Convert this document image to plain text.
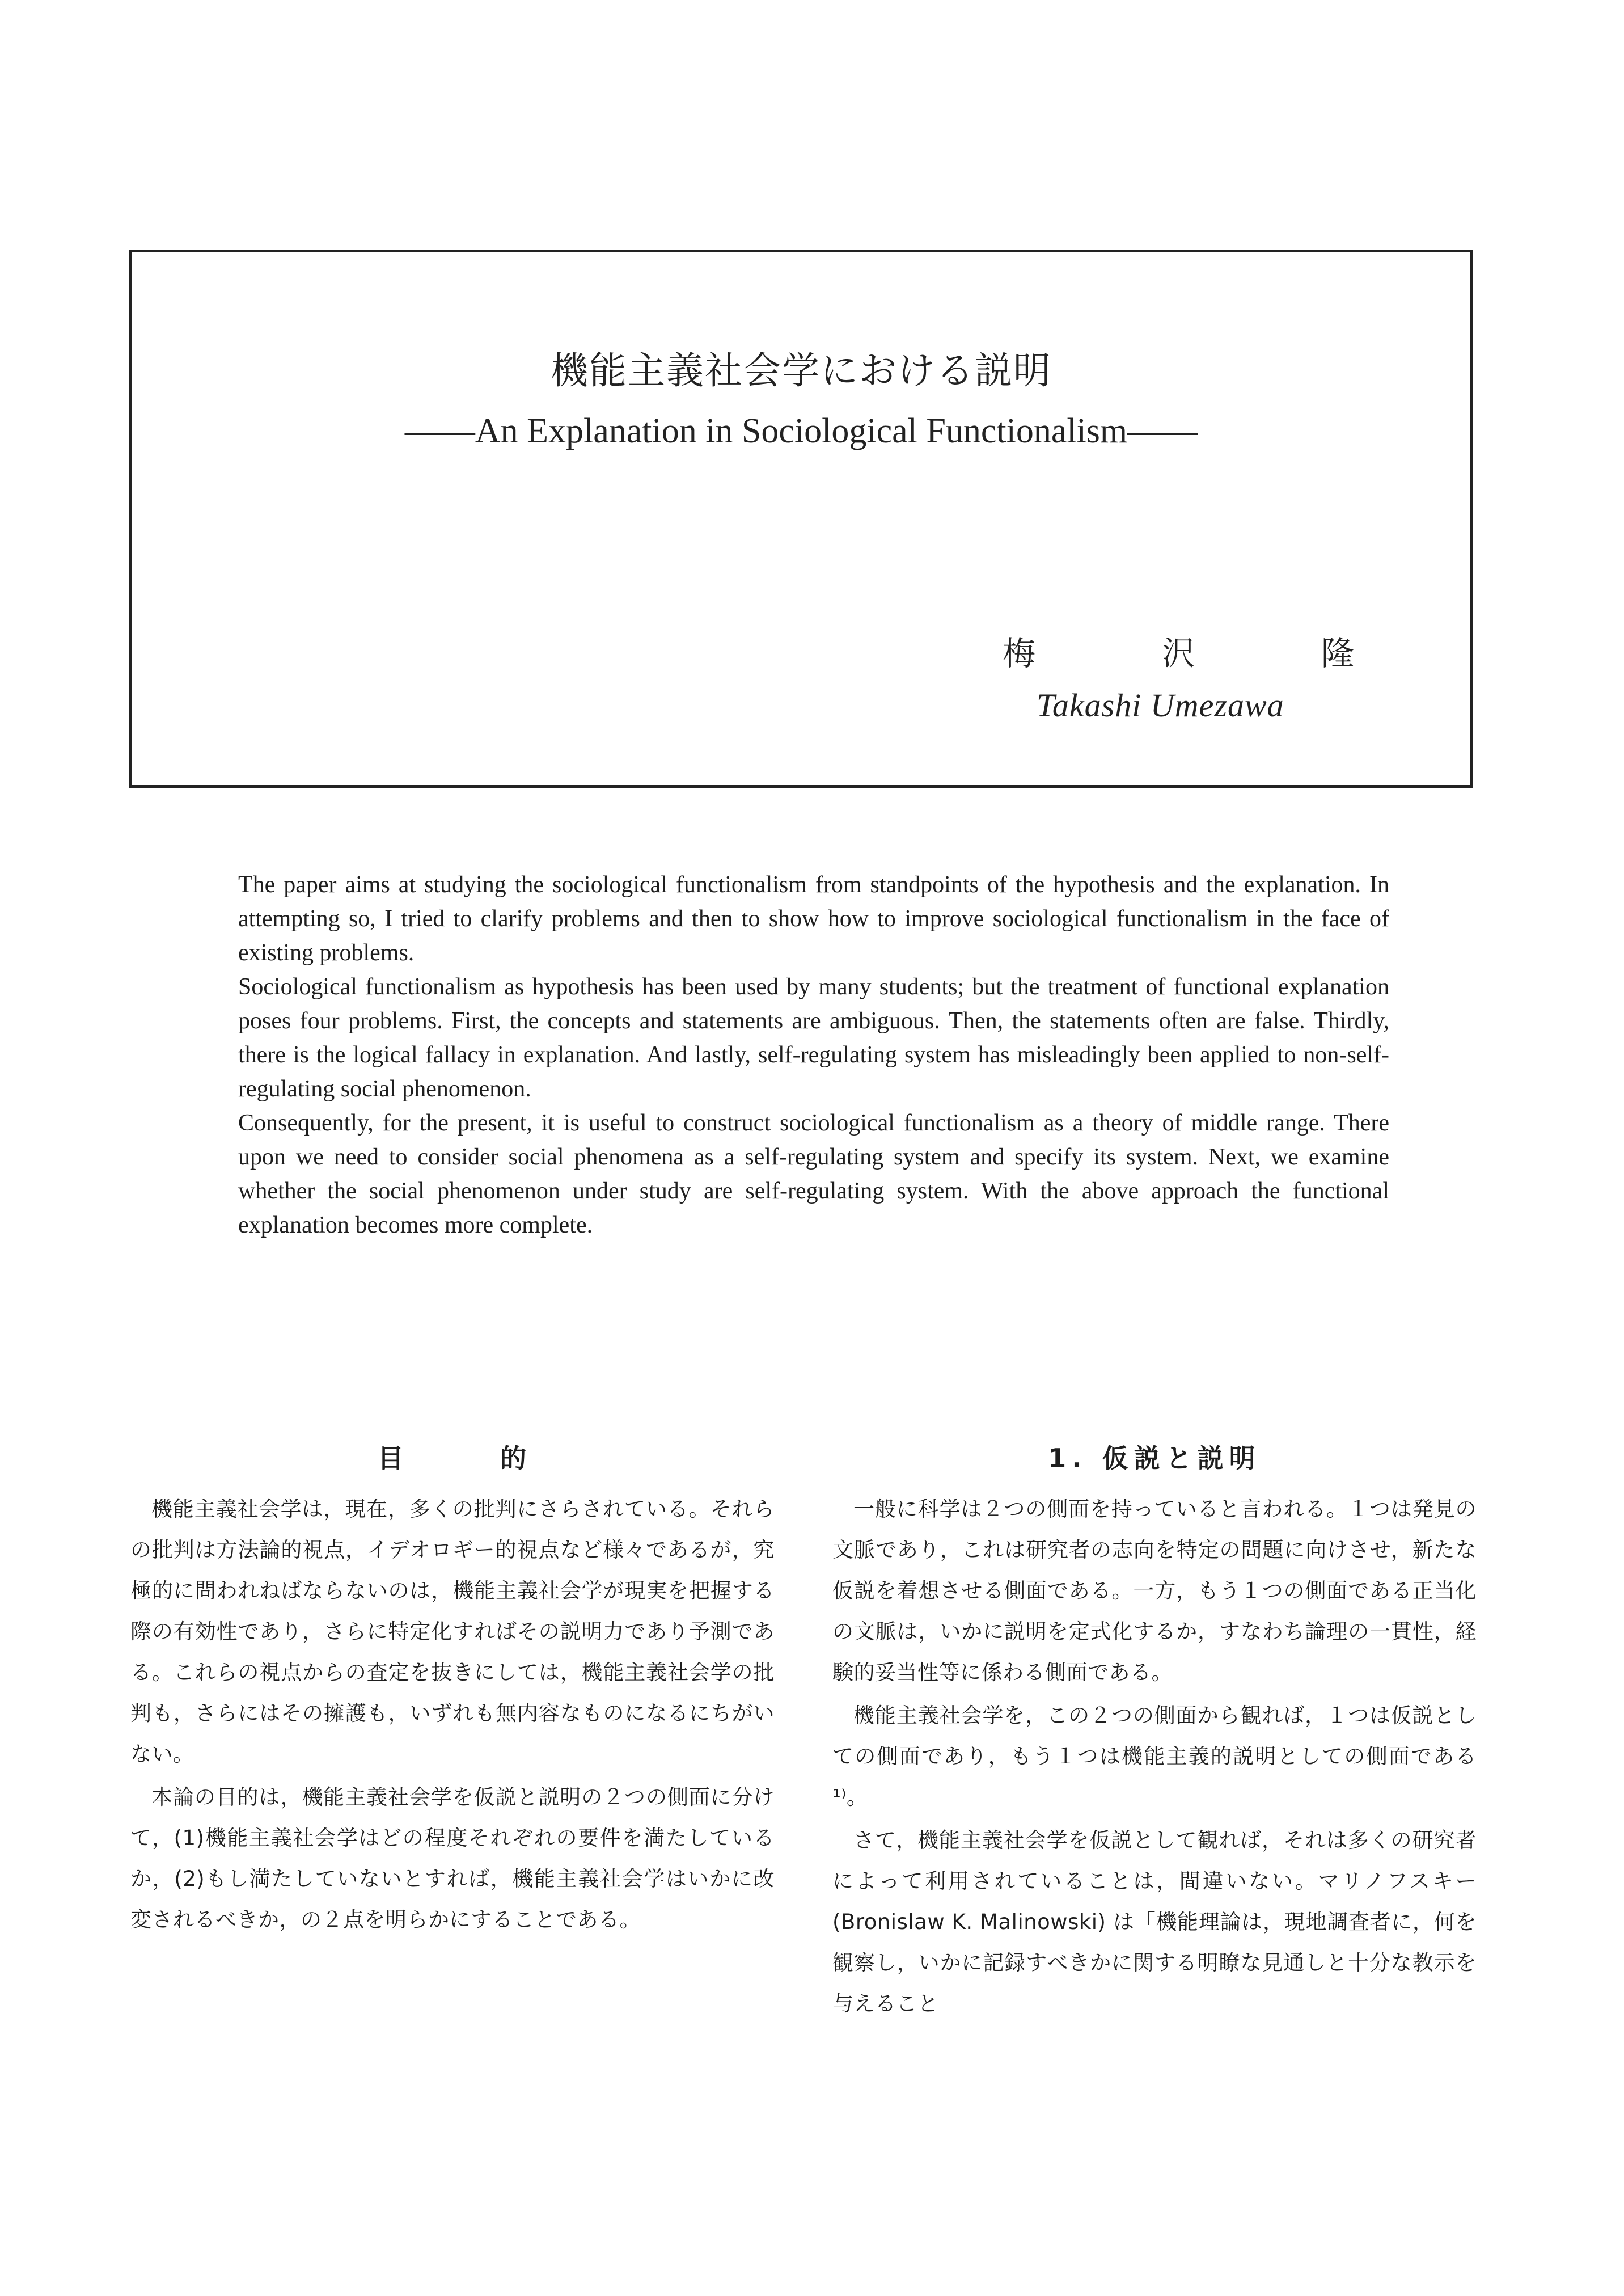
機能主義社会学における説明
——An Explanation in Sociological Functionalism——
梅	沢	隆
Takashi Umezawa

The paper aims at studying the sociological functionalism from standpoints of the hypothesis and the explanation. In attempting so, I tried to clarify problems and then to show how to improve sociological functionalism in the face of existing problems.

Sociological functionalism as hypothesis has been used by many students; but the treatment of functional explanation poses four problems. First, the concepts and statements are ambiguous. Then, the statements often are false. Thirdly, there is the logical fallacy in explanation. And lastly, self-regulating system has misleadingly been applied to non-self-regulating social phenomenon.

Consequently, for the present, it is useful to construct sociological functionalism as a theory of middle range. There upon we need to consider social phenomena as a self-regulating system and specify its system. Next, we examine whether the social phenomenon under study are self-regulating system. With the above approach the functional explanation becomes more complete.

目 的

機能主義社会学は，現在，多くの批判にさらされている。それらの批判は方法論的視点，イデオロギー的視点など様々であるが，究極的に問われねばならないのは，機能主義社会学が現実を把握する際の有効性であり，さらに特定化すればその説明力であり予測である。これらの視点からの査定を抜きにしては，機能主義社会学の批判も，さらにはその擁護も，いずれも無内容なものになるにちがいない。

本論の目的は，機能主義社会学を仮説と説明の２つの側面に分けて，(1)機能主義社会学はどの程度それぞれの要件を満たしているか，(2)もし満たしていないとすれば，機能主義社会学はいかに改変されるべきか，の２点を明らかにすることである。

1. 仮説と説明

一般に科学は２つの側面を持っていると言われる。１つは発見の文脈であり，これは研究者の志向を特定の問題に向けさせ，新たな仮説を着想させる側面である。一方，もう１つの側面である正当化の文脈は，いかに説明を定式化するか，すなわち論理の一貫性，経験的妥当性等に係わる側面である。

機能主義社会学を，この２つの側面から観れば，１つは仮説としての側面であり，もう１つは機能主義的説明としての側面である¹⁾。

さて，機能主義社会学を仮説として観れば，それは多くの研究者によって利用されていることは，間違いない。マリノフスキー (Bronislaw K. Malinowski) は「機能理論は，現地調査者に，何を観察し，いかに記録すべきかに関する明瞭な見通しと十分な教示を与えること
